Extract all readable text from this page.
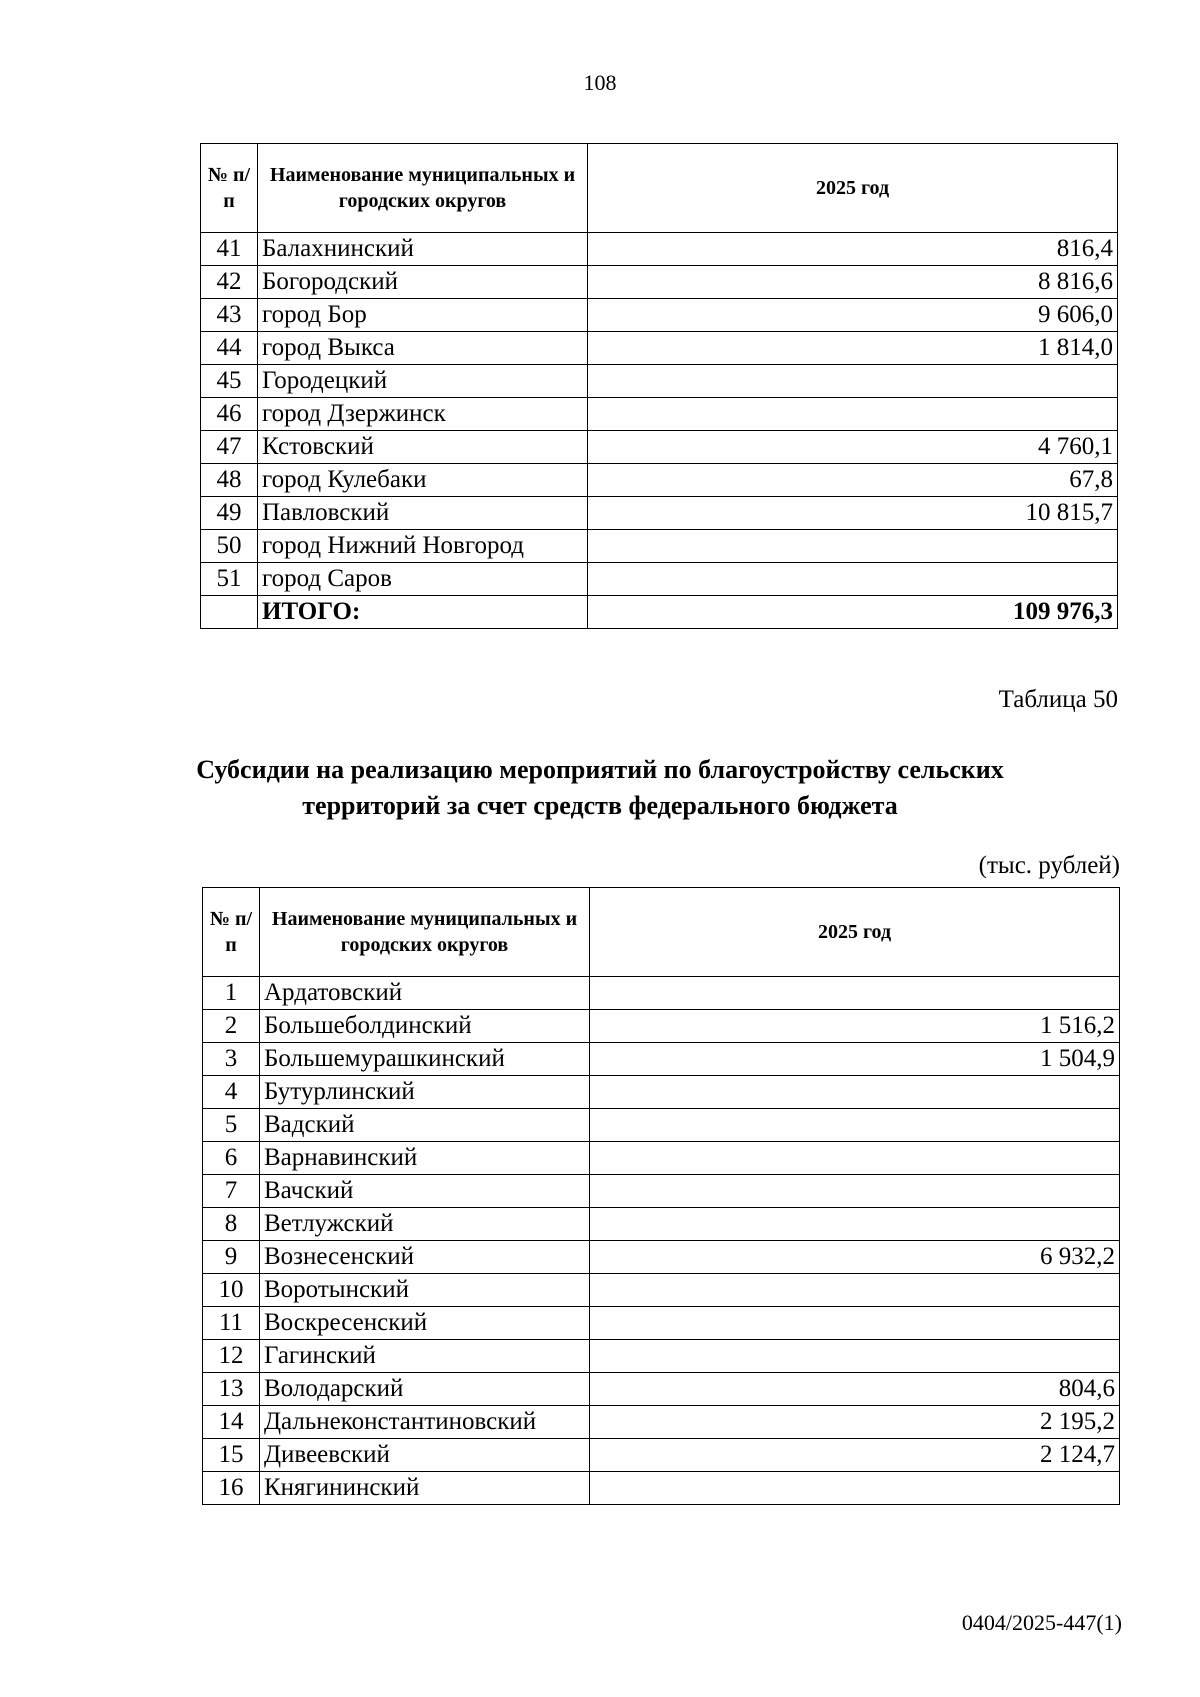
108
№ п/п	Наименование муниципальных и городских округов	2025 год
41	Балахнинский	816,4
42	Богородский	8 816,6
43	город Бор	9 606,0
44	город Выкса	1 814,0
45	Городецкий	
46	город Дзержинск	
47	Кстовский	4 760,1
48	город Кулебаки	67,8
49	Павловский	10 815,7
50	город Нижний Новгород	
51	город Саров	
	ИТОГО:	109 976,3
Таблица 50
Субсидии на реализацию мероприятий по благоустройству сельских территорий за счет средств федерального бюджета
(тыс. рублей)
№ п/п	Наименование муниципальных и городских округов	2025 год
1	Ардатовский	
2	Большеболдинский	1 516,2
3	Большемурашкинский	1 504,9
4	Бутурлинский	
5	Вадский	
6	Варнавинский	
7	Вачский	
8	Ветлужский	
9	Вознесенский	6 932,2
10	Воротынский	
11	Воскресенский	
12	Гагинский	
13	Володарский	804,6
14	Дальнеконстантиновский	2 195,2
15	Дивеевский	2 124,7
16	Княгининский	
0404/2025-447(1)
